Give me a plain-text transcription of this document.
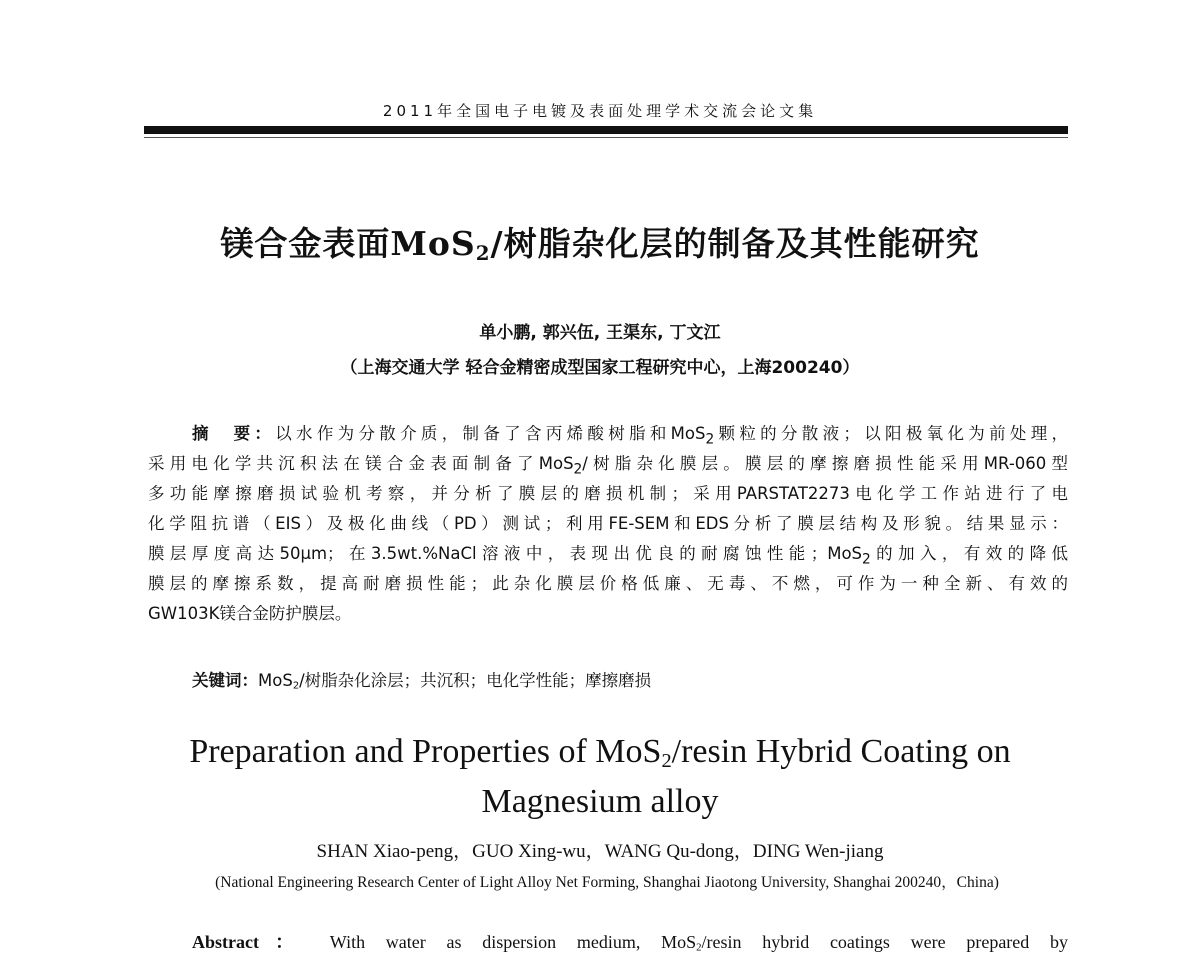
2011年全国电子电镀及表面处理学术交流会论文集
镁合金表面MoS$_2$/树脂杂化层的制备及其性能研究
单小鹏, 郭兴伍, 王渠东, 丁文江
（上海交通大学 轻合金精密成型国家工程研究中心，上海200240）
摘　要：以水作为分散介质，制备了含丙烯酸树脂和MoS$_2$颗粒的分散液；以阳极氧化为前处理，
采用电化学共沉积法在镁合金表面制备了MoS$_2$/树脂杂化膜层。膜层的摩擦磨损性能采用MR-060型
多功能摩擦磨损试验机考察，并分析了膜层的磨损机制；采用PARSTAT2273电化学工作站进行了电
化学阻抗谱（EIS）及极化曲线（PD）测试；利用FE-SEM和EDS分析了膜层结构及形貌。结果显示：
膜层厚度高达50μm；在3.5wt.%NaCl溶液中，表现出优良的耐腐蚀性能；MoS$_2$的加入，有效的降低
膜层的摩擦系数，提高耐磨损性能；此杂化膜层价格低廉、无毒、不燃，可作为一种全新、有效的
GW103K镁合金防护膜层。
关键词：MoS$_2$/树脂杂化涂层；共沉积；电化学性能；摩擦磨损
Preparation and Properties of MoS$_2$/resin Hybrid Coating on
Magnesium alloy
SHAN Xiao-peng，GUO Xing-wu，WANG Qu-dong，DING Wen-jiang
(National Engineering Research Center of Light Alloy Net Forming, Shanghai Jiaotong University, Shanghai 200240，China)
Abstract： With water as dispersion medium, MoS$_2$/resin hybrid coatings were prepared by
